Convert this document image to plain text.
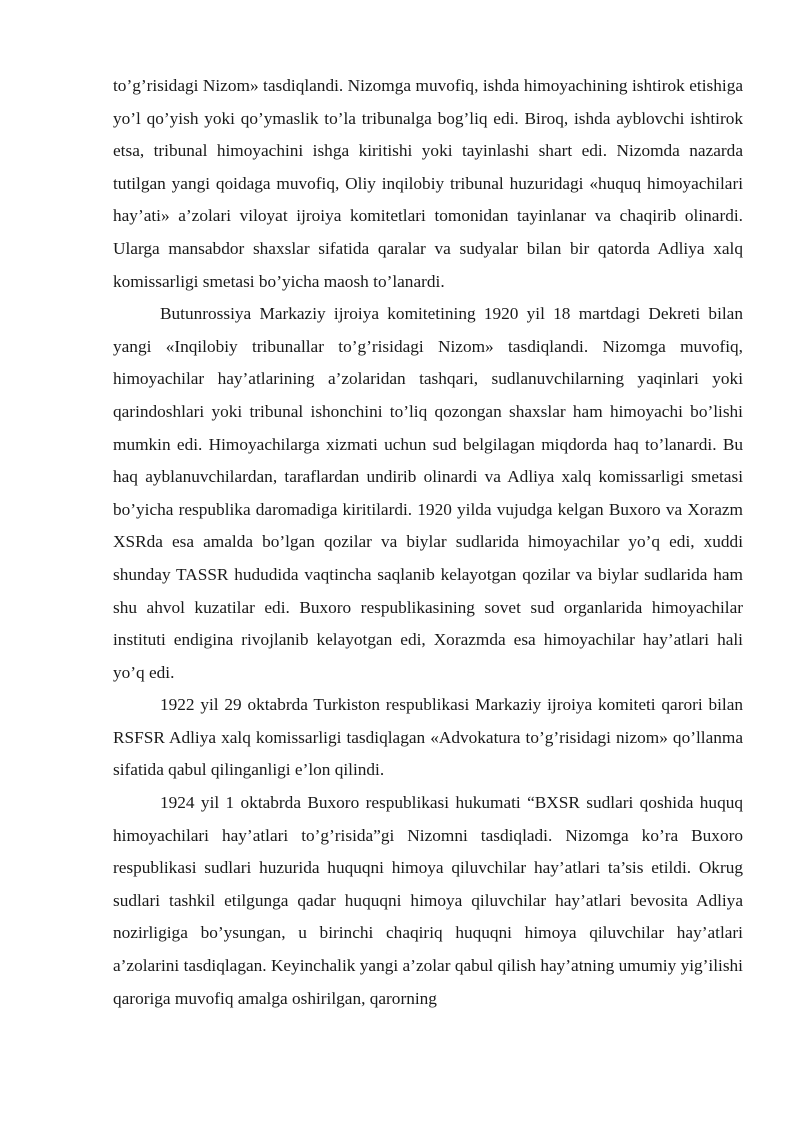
to’g’risidagi Nizom» tasdiqlandi. Nizomga muvofiq, ishda himoyachining ishtirok etishiga yo’l qo’yish yoki qo’ymaslik to’la tribunalga bog’liq edi. Biroq, ishda ayblovchi ishtirok etsa, tribunal himoyachini ishga kiritishi yoki tayinlashi shart edi. Nizomda nazarda tutilgan yangi qoidaga muvofiq, Oliy inqilobiy tribunal huzuridagi «huquq himoyachilari hay’ati» a’zolari viloyat ijroiya komitetlari tomonidan tayinlanar va chaqirib olinardi. Ularga mansabdor shaxslar sifatida qaralar va sudyalar bilan bir qatorda Adliya xalq komissarligi smetasi bo’yicha maosh to’lanardi.

Butunrossiya Markaziy ijroiya komitetining 1920 yil 18 martdagi Dekreti bilan yangi «Inqilobiy tribunallar to’g’risidagi Nizom» tasdiqlandi. Nizomga muvofiq, himoyachilar hay’atlarining a’zolaridan tashqari, sudlanuvchilarning yaqinlari yoki qarindoshlari yoki tribunal ishonchini to’liq qozongan shaxslar ham himoyachi bo’lishi mumkin edi. Himoyachilarga xizmati uchun sud belgilagan miqdorda haq to’lanardi. Bu haq ayblanuvchilardan, taraflardan undirib olinardi va Adliya xalq komissarligi smetasi bo’yicha respublika daromadiga kiritilardi. 1920 yilda vujudga kelgan Buxoro va Xorazm XSRda esa amalda bo’lgan qozilar va biylar sudlarida himoyachilar yo’q edi, xuddi shunday TASSR hududida vaqtincha saqlanib kelayotgan qozilar va biylar sudlarida ham shu ahvol kuzatilar edi. Buxoro respublikasining sovet sud organlarida himoyachilar instituti endigina rivojlanib kelayotgan edi, Xorazmda esa himoyachilar hay’atlari hali yo’q edi.

1922 yil 29 oktabrda Turkiston respublikasi Markaziy ijroiya komiteti qarori bilan RSFSR Adliya xalq komissarligi tasdiqlagan «Advokatura to’g’risidagi nizom» qo’llanma sifatida qabul qilinganligi e’lon qilindi.

1924 yil 1 oktabrda Buxoro respublikasi hukumati “BXSR sudlari qoshida huquq himoyachilari hay’atlari to’g’risida”gi Nizomni tasdiqladi. Nizomga ko’ra Buxoro respublikasi sudlari huzurida huquqni himoya qiluvchilar hay’atlari ta’sis etildi. Okrug sudlari tashkil etilgunga qadar huquqni himoya qiluvchilar hay’atlari bevosita Adliya nozirligiga bo’ysungan, u birinchi chaqiriq huquqni himoya qiluvchilar hay’atlari a’zolarini tasdiqlagan. Keyinchalik yangi a’zolar qabul qilish hay’atning umumiy yig’ilishi qaroriga muvofiq amalga oshirilgan, qarorning
